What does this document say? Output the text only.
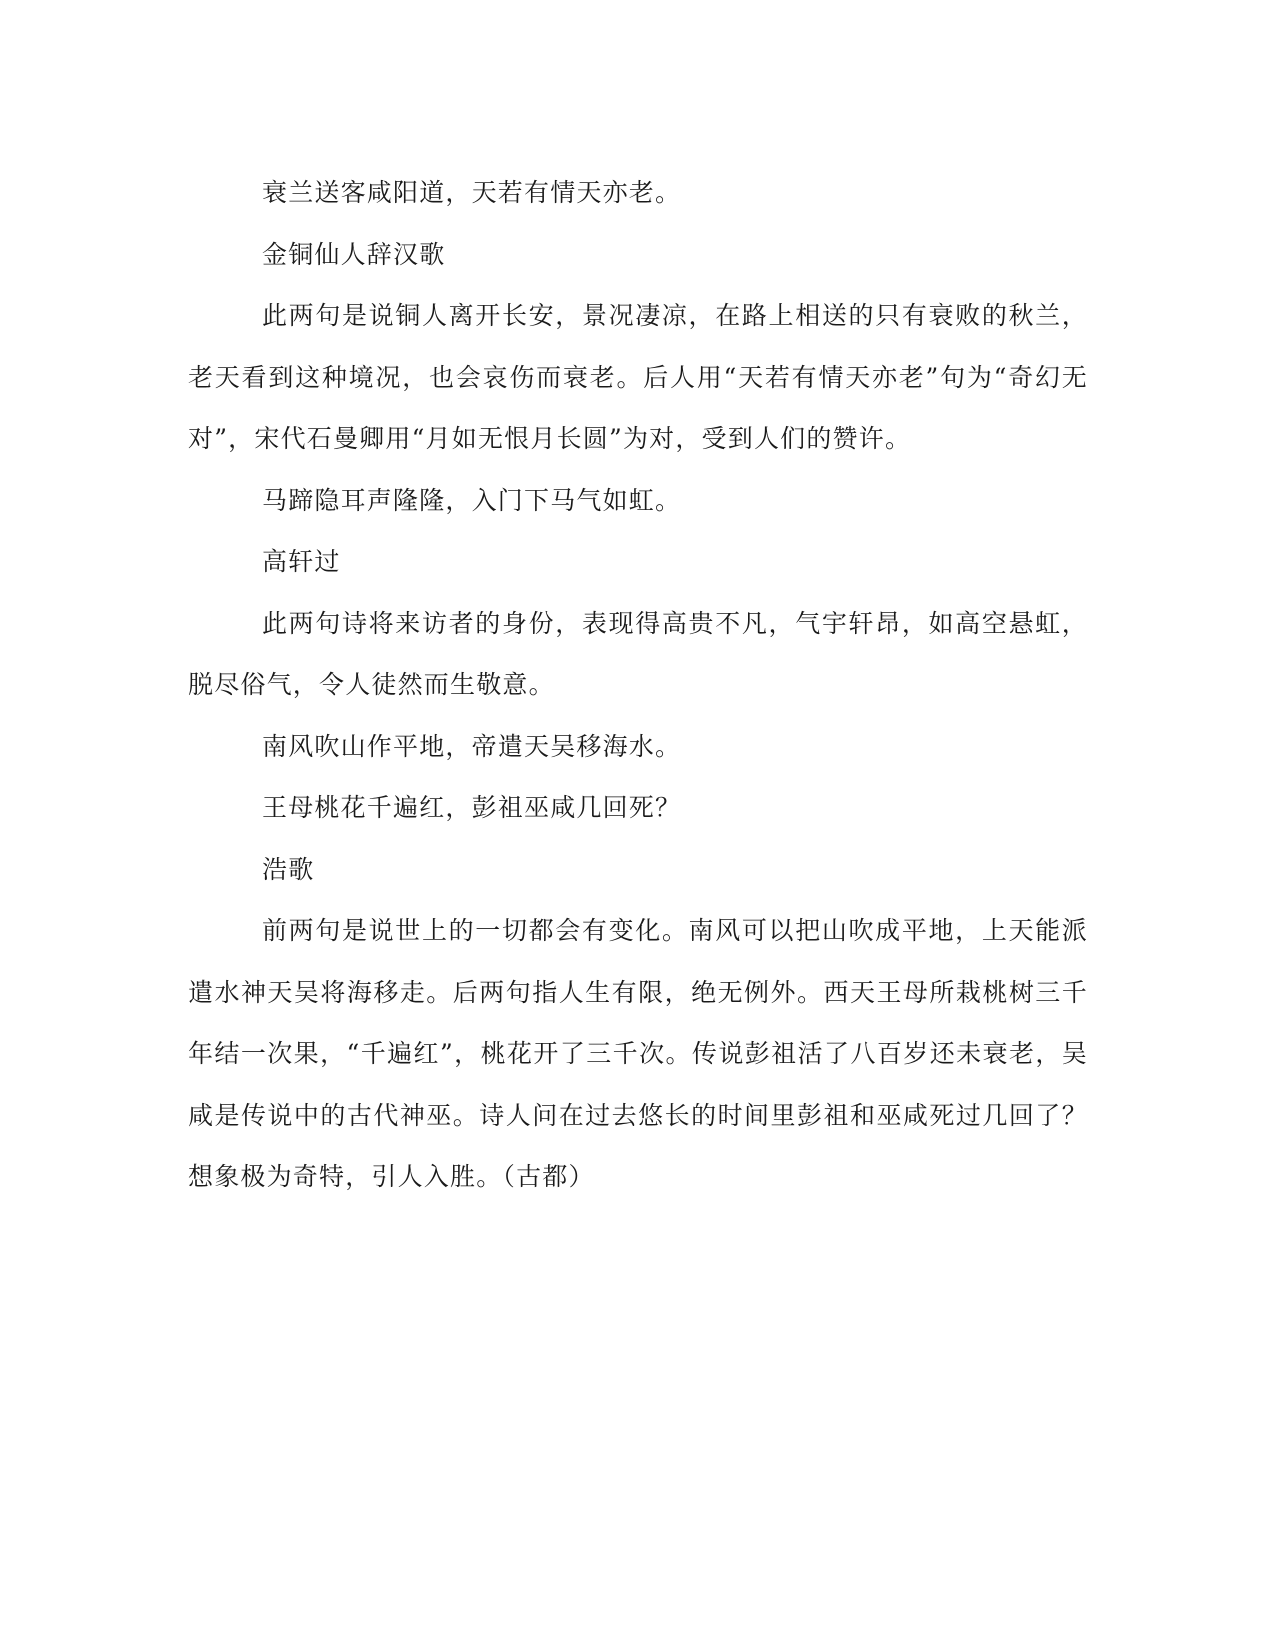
衰兰送客咸阳道，天若有情天亦老。

金铜仙人辞汉歌

此两句是说铜人离开长安，景况凄凉，在路上相送的只有衰败的秋兰，老天看到这种境况，也会哀伤而衰老。后人用“天若有情天亦老”句为“奇幻无对”，宋代石曼卿用“月如无恨月长圆”为对，受到人们的赞许。

马蹄隐耳声隆隆，入门下马气如虹。

高轩过

此两句诗将来访者的身份，表现得高贵不凡，气宇轩昂，如高空悬虹，脱尽俗气，令人徒然而生敬意。

南风吹山作平地，帝遣天吴移海水。

王母桃花千遍红，彭祖巫咸几回死？

浩歌

前两句是说世上的一切都会有变化。南风可以把山吹成平地，上天能派遣水神天吴将海移走。后两句指人生有限，绝无例外。西天王母所栽桃树三千年结一次果，“千遍红”，桃花开了三千次。传说彭祖活了八百岁还未衰老，吴咸是传说中的古代神巫。诗人问在过去悠长的时间里彭祖和巫咸死过几回了？想象极为奇特，引人入胜。（古都）
